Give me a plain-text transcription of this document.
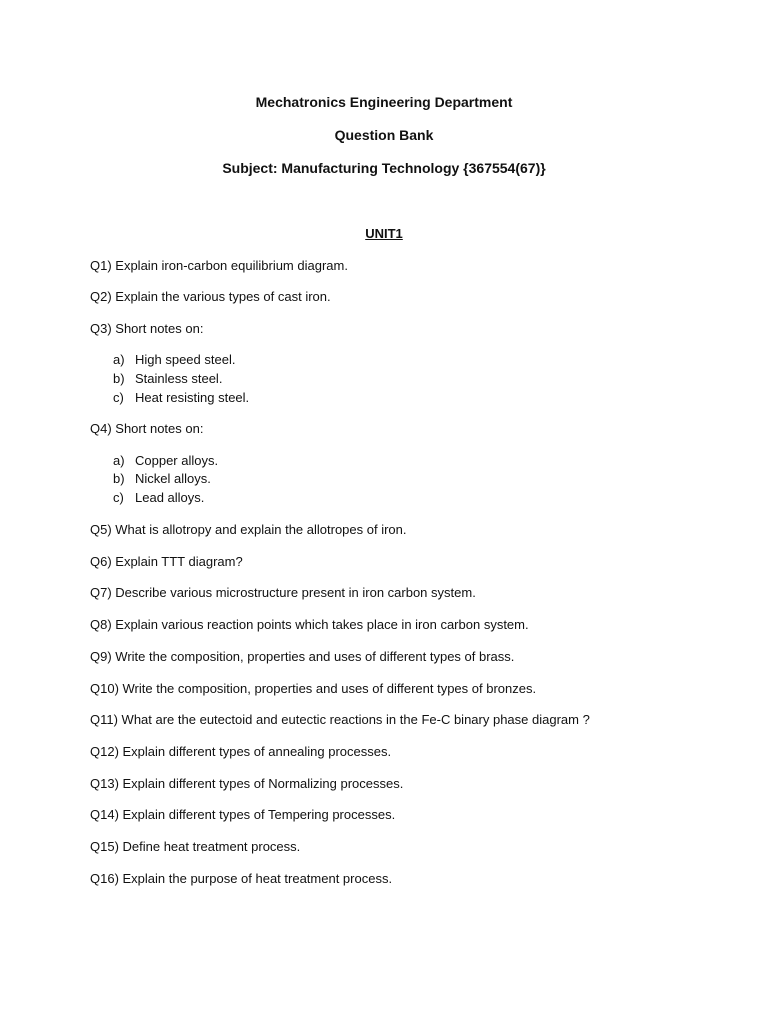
Mechatronics Engineering Department
Question Bank
Subject: Manufacturing Technology {367554(67)}
UNIT1
Q1) Explain iron-carbon equilibrium diagram.
Q2) Explain the various types of cast iron.
Q3) Short notes on:
a) High speed steel.
b) Stainless steel.
c) Heat resisting steel.
Q4) Short notes on:
a) Copper alloys.
b) Nickel alloys.
c) Lead alloys.
Q5) What is allotropy and explain the allotropes of iron.
Q6) Explain TTT diagram?
Q7) Describe various microstructure present in iron carbon system.
Q8) Explain various reaction points which takes place in iron carbon system.
Q9) Write the composition, properties and uses of different types of brass.
Q10) Write the composition, properties and uses of different types of bronzes.
Q11) What are the eutectoid and eutectic reactions in the Fe-C binary phase diagram ?
Q12) Explain different types of annealing processes.
Q13) Explain different types of Normalizing processes.
Q14) Explain different types of Tempering processes.
Q15) Define heat treatment process.
Q16) Explain the purpose of heat treatment process.
